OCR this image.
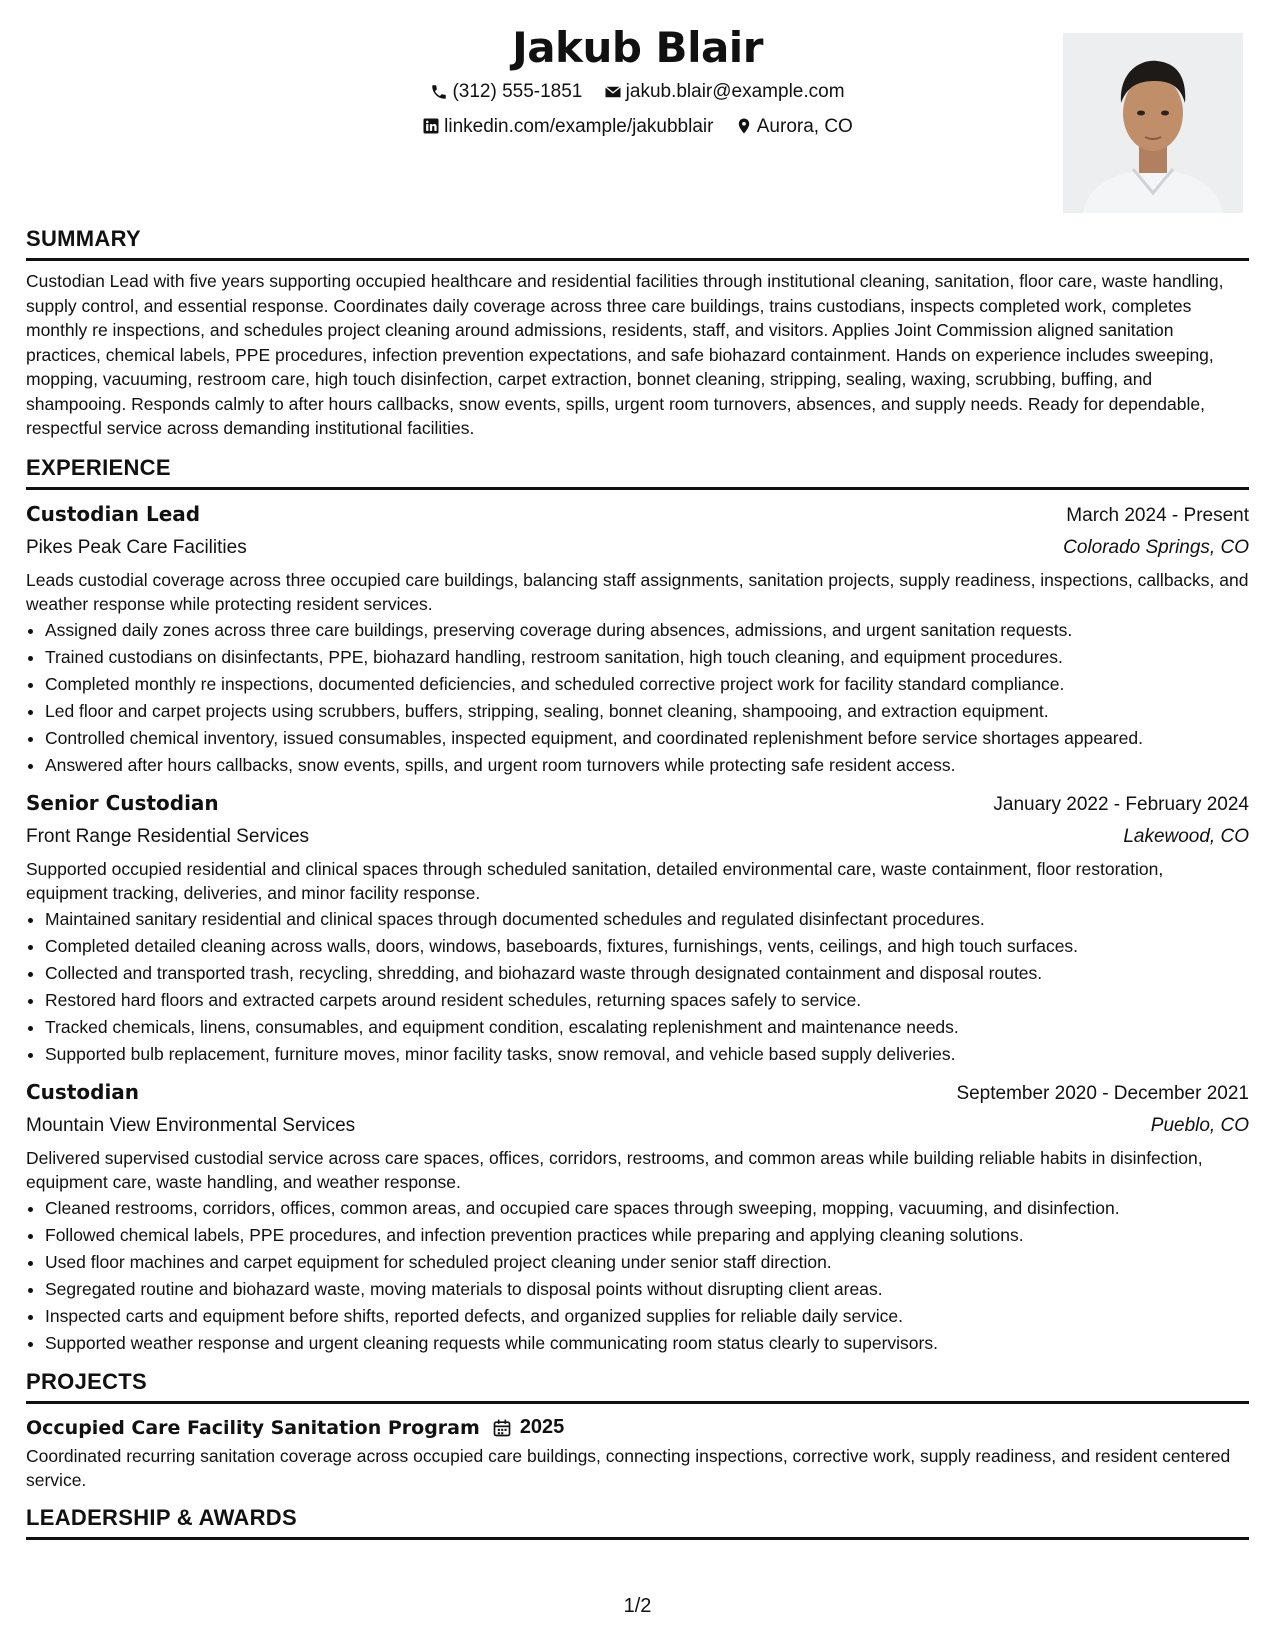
Jakub Blair
(312) 555-1851
jakub.blair@example.com
linkedin.com/example/jakubblair
Aurora, CO
SUMMARY
Custodian Lead with five years supporting occupied healthcare and residential facilities through institutional cleaning, sanitation, floor care, waste handling, supply control, and essential response. Coordinates daily coverage across three care buildings, trains custodians, inspects completed work, completes monthly re inspections, and schedules project cleaning around admissions, residents, staff, and visitors. Applies Joint Commission aligned sanitation practices, chemical labels, PPE procedures, infection prevention expectations, and safe biohazard containment. Hands on experience includes sweeping, mopping, vacuuming, restroom care, high touch disinfection, carpet extraction, bonnet cleaning, stripping, sealing, waxing, scrubbing, buffing, and shampooing. Responds calmly to after hours callbacks, snow events, spills, urgent room turnovers, absences, and supply needs. Ready for dependable, respectful service across demanding institutional facilities.
EXPERIENCE
Custodian Lead	March 2024 - Present
Pikes Peak Care Facilities	Colorado Springs, CO
Leads custodial coverage across three occupied care buildings, balancing staff assignments, sanitation projects, supply readiness, inspections, callbacks, and weather response while protecting resident services.
• Assigned daily zones across three care buildings, preserving coverage during absences, admissions, and urgent sanitation requests.
• Trained custodians on disinfectants, PPE, biohazard handling, restroom sanitation, high touch cleaning, and equipment procedures.
• Completed monthly re inspections, documented deficiencies, and scheduled corrective project work for facility standard compliance.
• Led floor and carpet projects using scrubbers, buffers, stripping, sealing, bonnet cleaning, shampooing, and extraction equipment.
• Controlled chemical inventory, issued consumables, inspected equipment, and coordinated replenishment before service shortages appeared.
• Answered after hours callbacks, snow events, spills, and urgent room turnovers while protecting safe resident access.
Senior Custodian	January 2022 - February 2024
Front Range Residential Services	Lakewood, CO
Supported occupied residential and clinical spaces through scheduled sanitation, detailed environmental care, waste containment, floor restoration, equipment tracking, deliveries, and minor facility response.
• Maintained sanitary residential and clinical spaces through documented schedules and regulated disinfectant procedures.
• Completed detailed cleaning across walls, doors, windows, baseboards, fixtures, furnishings, vents, ceilings, and high touch surfaces.
• Collected and transported trash, recycling, shredding, and biohazard waste through designated containment and disposal routes.
• Restored hard floors and extracted carpets around resident schedules, returning spaces safely to service.
• Tracked chemicals, linens, consumables, and equipment condition, escalating replenishment and maintenance needs.
• Supported bulb replacement, furniture moves, minor facility tasks, snow removal, and vehicle based supply deliveries.
Custodian	September 2020 - December 2021
Mountain View Environmental Services	Pueblo, CO
Delivered supervised custodial service across care spaces, offices, corridors, restrooms, and common areas while building reliable habits in disinfection, equipment care, waste handling, and weather response.
• Cleaned restrooms, corridors, offices, common areas, and occupied care spaces through sweeping, mopping, vacuuming, and disinfection.
• Followed chemical labels, PPE procedures, and infection prevention practices while preparing and applying cleaning solutions.
• Used floor machines and carpet equipment for scheduled project cleaning under senior staff direction.
• Segregated routine and biohazard waste, moving materials to disposal points without disrupting client areas.
• Inspected carts and equipment before shifts, reported defects, and organized supplies for reliable daily service.
• Supported weather response and urgent cleaning requests while communicating room status clearly to supervisors.
PROJECTS
Occupied Care Facility Sanitation Program 2025
Coordinated recurring sanitation coverage across occupied care buildings, connecting inspections, corrective work, supply readiness, and resident centered service.
LEADERSHIP & AWARDS
1/2
